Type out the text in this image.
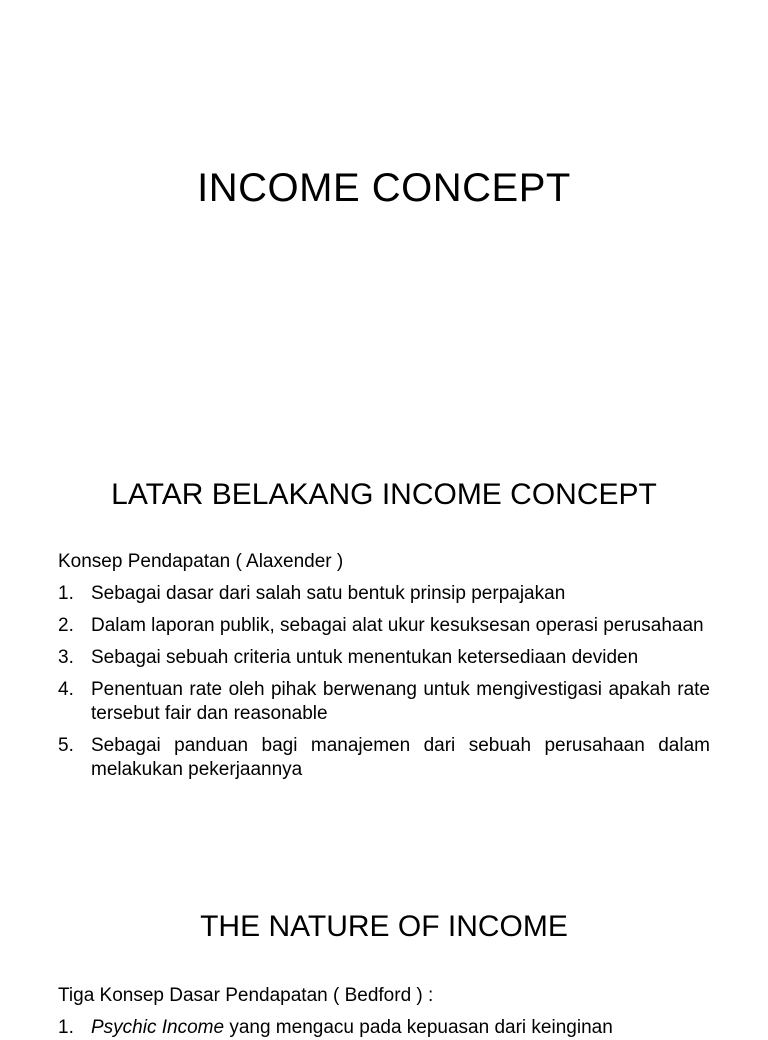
INCOME CONCEPT
LATAR BELAKANG INCOME CONCEPT

Konsep Pendapatan ( Alaxender )

1. Sebagai dasar dari salah satu bentuk prinsip perpajakan
2. Dalam laporan publik, sebagai alat ukur kesuksesan operasi perusahaan
3. Sebagai sebuah criteria untuk menentukan ketersediaan deviden
4. Penentuan rate oleh pihak berwenang untuk mengivestigasi apakah rate tersebut fair dan reasonable
5. Sebagai panduan bagi manajemen dari sebuah perusahaan dalam melakukan pekerjaannya
THE NATURE OF INCOME

Tiga Konsep Dasar Pendapatan ( Bedford ) :

1. Psychic Income yang mengacu pada kepuasan dari keinginan
